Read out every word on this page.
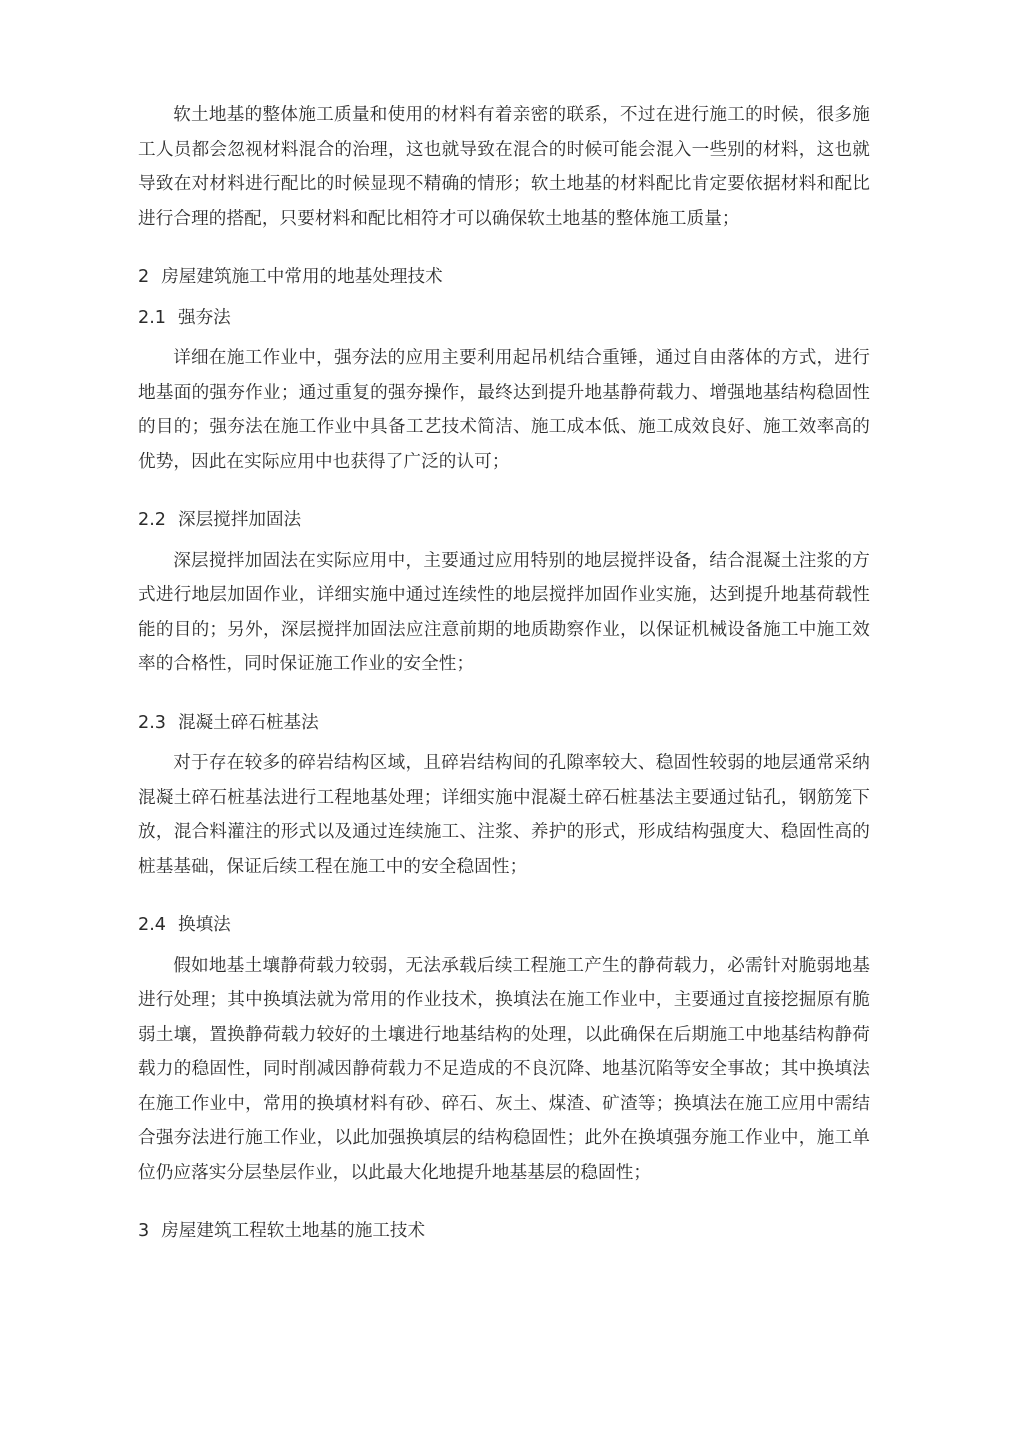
软土地基的整体施工质量和使用的材料有着亲密的联系，不过在进行施工的时候，很多施工人员都会忽视材料混合的治理，这也就导致在混合的时候可能会混入一些别的材料，这也就导致在对材料进行配比的时候显现不精确的情形；软土地基的材料配比肯定要依据材料和配比进行合理的搭配，只要材料和配比相符才可以确保软土地基的整体施工质量；

2 房屋建筑施工中常用的地基处理技术

2.1 强夯法

详细在施工作业中，强夯法的应用主要利用起吊机结合重锤，通过自由落体的方式，进行地基面的强夯作业；通过重复的强夯操作，最终达到提升地基静荷载力、增强地基结构稳固性的目的；强夯法在施工作业中具备工艺技术简洁、施工成本低、施工成效良好、施工效率高的优势，因此在实际应用中也获得了广泛的认可；

2.2 深层搅拌加固法

深层搅拌加固法在实际应用中，主要通过应用特别的地层搅拌设备，结合混凝土注浆的方式进行地层加固作业，详细实施中通过连续性的地层搅拌加固作业实施，达到提升地基荷载性能的目的；另外，深层搅拌加固法应注意前期的地质勘察作业，以保证机械设备施工中施工效率的合格性，同时保证施工作业的安全性；

2.3 混凝土碎石桩基法

对于存在较多的碎岩结构区域，且碎岩结构间的孔隙率较大、稳固性较弱的地层通常采纳混凝土碎石桩基法进行工程地基处理；详细实施中混凝土碎石桩基法主要通过钻孔，钢筋笼下放，混合料灌注的形式以及通过连续施工、注浆、养护的形式，形成结构强度大、稳固性高的桩基基础，保证后续工程在施工中的安全稳固性；

2.4 换填法

假如地基土壤静荷载力较弱，无法承载后续工程施工产生的静荷载力，必需针对脆弱地基进行处理；其中换填法就为常用的作业技术，换填法在施工作业中，主要通过直接挖掘原有脆弱土壤，置换静荷载力较好的土壤进行地基结构的处理，以此确保在后期施工中地基结构静荷载力的稳固性，同时削减因静荷载力不足造成的不良沉降、地基沉陷等安全事故；其中换填法在施工作业中，常用的换填材料有砂、碎石、灰土、煤渣、矿渣等；换填法在施工应用中需结合强夯法进行施工作业，以此加强换填层的结构稳固性；此外在换填强夯施工作业中，施工单位仍应落实分层垫层作业，以此最大化地提升地基基层的稳固性；

3 房屋建筑工程软土地基的施工技术
